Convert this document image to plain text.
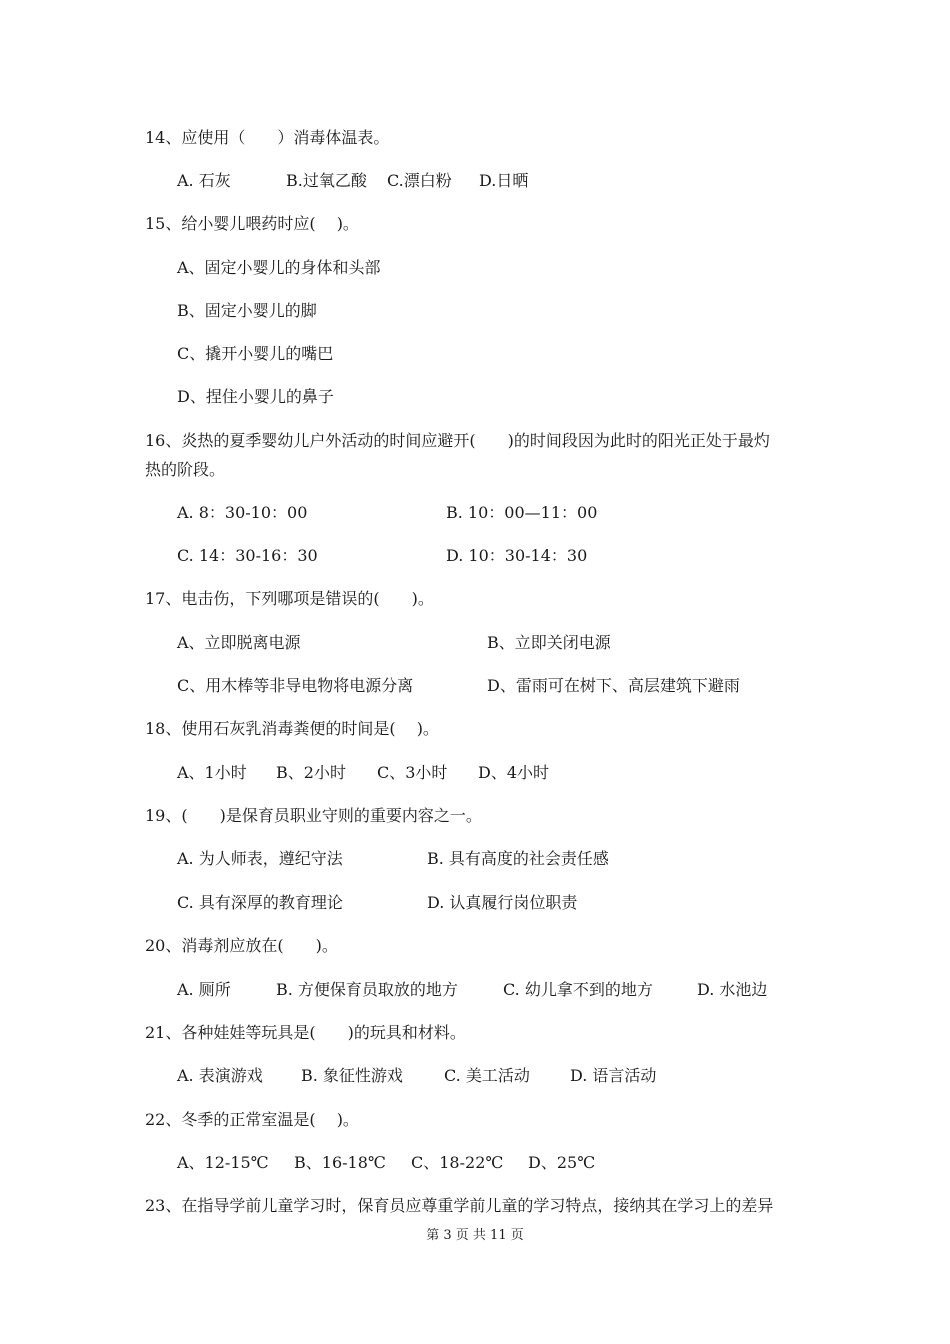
14、应使用（　　）消毒体温表。
A. 石灰	B.过氧乙酸 C.漂白粉 D.日晒
15、给小婴儿喂药时应(　 )。
A、固定小婴儿的身体和头部
B、固定小婴儿的脚
C、撬开小婴儿的嘴巴
D、捏住小婴儿的鼻子
16、炎热的夏季婴幼儿户外活动的时间应避开(　　)的时间段因为此时的阳光正处于最灼
热的阶段。
A. 8：30-10：00	B. 10：00—11：00
C. 14：30-16：30	D. 10：30-14：30
17、电击伤，下列哪项是错误的(　　)。
A、立即脱离电源	B、立即关闭电源
C、用木棒等非导电物将电源分离	D、雷雨可在树下、高层建筑下避雨
18、使用石灰乳消毒粪便的时间是(　 )。
A、1小时 B、2小时 C、3小时 D、4小时
19、(　　)是保育员职业守则的重要内容之一。
A. 为人师表，遵纪守法	B. 具有高度的社会责任感
C. 具有深厚的教育理论	D. 认真履行岗位职责
20、消毒剂应放在(　　)。
A. 厕所	B. 方便保育员取放的地方	C. 幼儿拿不到的地方	D. 水池边
21、各种娃娃等玩具是(　　)的玩具和材料。
A. 表演游戏 B. 象征性游戏	C. 美工活动	D. 语言活动
22、冬季的正常室温是(　 )。
A、12-15℃ B、16-18℃ C、18-22℃ D、25℃
23、在指导学前儿童学习时，保育员应尊重学前儿童的学习特点，接纳其在学习上的差异
第 3 页 共 11 页
